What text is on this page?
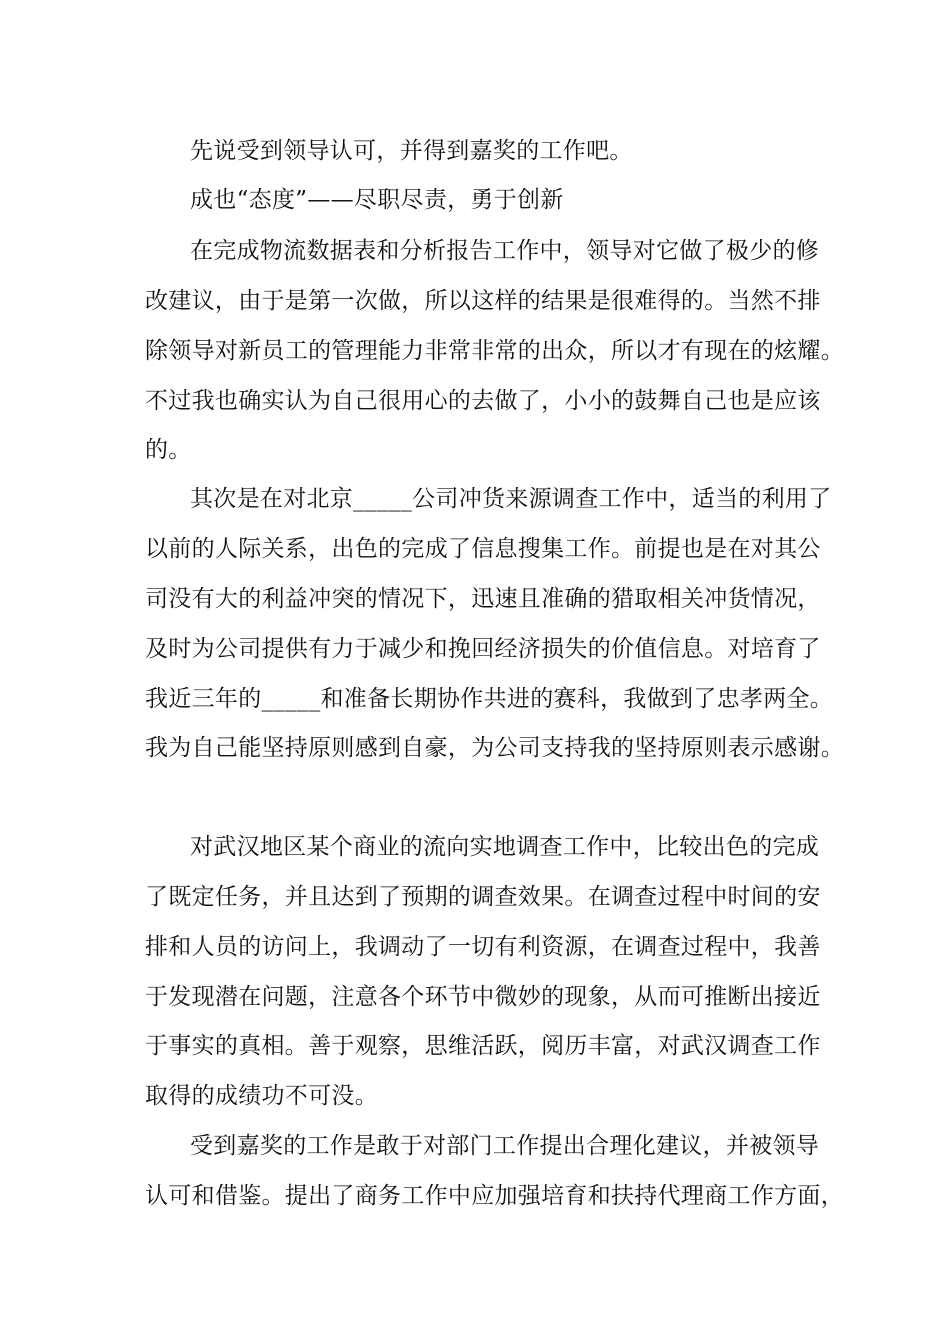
先说受到领导认可，并得到嘉奖的工作吧。
成也“态度”——尽职尽责，勇于创新
在完成物流数据表和分析报告工作中，领导对它做了极少的修
改建议，由于是第一次做，所以这样的结果是很难得的。当然不排
除领导对新员工的管理能力非常非常的出众，所以才有现在的炫耀。
不过我也确实认为自己很用心的去做了，小小的鼓舞自己也是应该
的。
其次是在对北京_____公司冲货来源调查工作中，适当的利用了
以前的人际关系，出色的完成了信息搜集工作。前提也是在对其公
司没有大的利益冲突的情况下，迅速且准确的猎取相关冲货情况，
及时为公司提供有力于减少和挽回经济损失的价值信息。对培育了
我近三年的_____和准备长期协作共进的赛科，我做到了忠孝两全。
我为自己能坚持原则感到自豪，为公司支持我的坚持原则表示感谢。
对武汉地区某个商业的流向实地调查工作中，比较出色的完成
了既定任务，并且达到了预期的调查效果。在调查过程中时间的安
排和人员的访问上，我调动了一切有利资源，在调查过程中，我善
于发现潜在问题，注意各个环节中微妙的现象，从而可推断出接近
于事实的真相。善于观察，思维活跃，阅历丰富，对武汉调查工作
取得的成绩功不可没。
受到嘉奖的工作是敢于对部门工作提出合理化建议，并被领导
认可和借鉴。提出了商务工作中应加强培育和扶持代理商工作方面，
